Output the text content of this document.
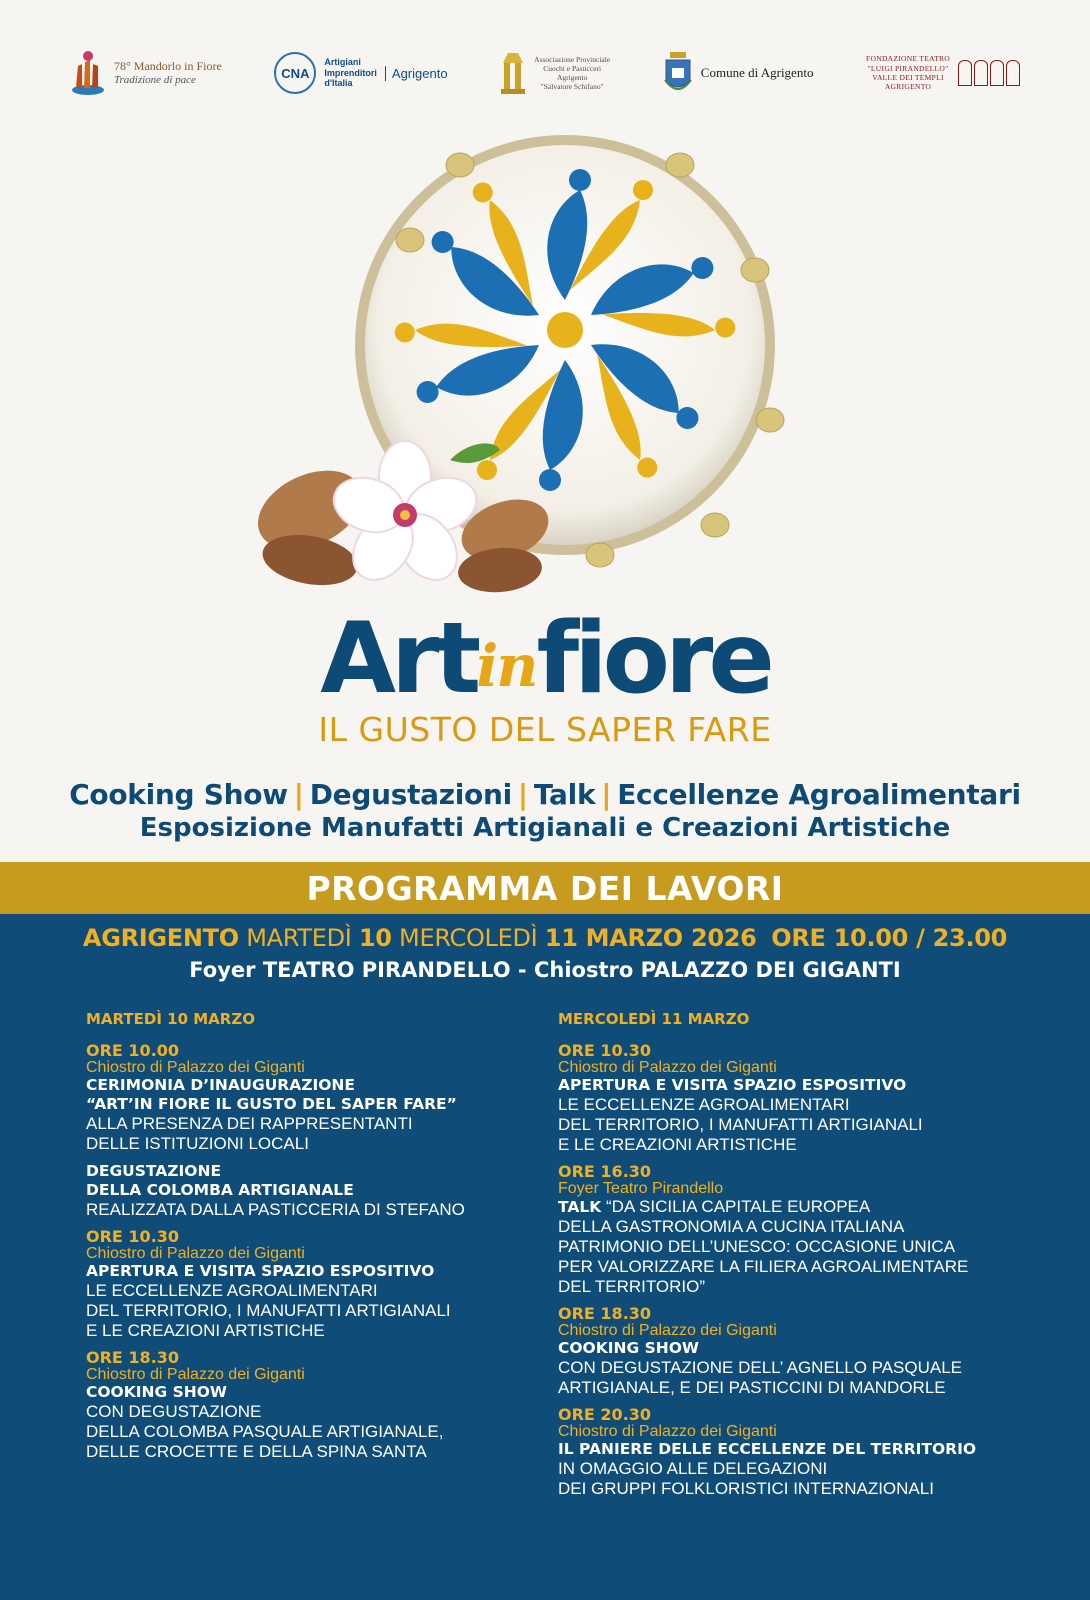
78° Mandorlo in Fiore
Tradizione di pace	CNA
Artigiani
Imprenditori
d'Italia
Agrigento
Associazione Provinciale
Cuochi e Pasticceri
Agrigento
"Salvatore Schifano"
Comune di Agrigento
FONDAZIONE TEATRO
"LUIGI PIRANDELLO"
VALLE DEI TEMPLI
AGRIGENTO
Artinfiore
IL GUSTO DEL SAPER FARE
Cooking Show | Degustazioni | Talk | Eccellenze Agroalimentari
Esposizione Manufatti Artigianali e Creazioni Artistiche
PROGRAMMA DEI LAVORI
AGRIGENTO MARTEDÌ 10 MERCOLEDÌ 11 MARZO 2026 ORE 10.00 / 23.00
Foyer TEATRO PIRANDELLO - Chiostro PALAZZO DEI GIGANTI
MARTEDÌ 10 MARZO
ORE 10.00
Chiostro di Palazzo dei Giganti
CERIMONIA D’INAUGURAZIONE
“ART’IN FIORE IL GUSTO DEL SAPER FARE”
ALLA PRESENZA DEI RAPPRESENTANTI
DELLE ISTITUZIONI LOCALI
DEGUSTAZIONE
DELLA COLOMBA ARTIGIANALE
REALIZZATA DALLA PASTICCERIA DI STEFANO
ORE 10.30
Chiostro di Palazzo dei Giganti
APERTURA E VISITA SPAZIO ESPOSITIVO
LE ECCELLENZE AGROALIMENTARI
DEL TERRITORIO, I MANUFATTI ARTIGIANALI
E LE CREAZIONI ARTISTICHE
ORE 18.30
Chiostro di Palazzo dei Giganti
COOKING SHOW
CON DEGUSTAZIONE
DELLA COLOMBA PASQUALE ARTIGIANALE,
DELLE CROCETTE E DELLA SPINA SANTA
MERCOLEDÌ 11 MARZO
ORE 10.30
Chiostro di Palazzo dei Giganti
APERTURA E VISITA SPAZIO ESPOSITIVO
LE ECCELLENZE AGROALIMENTARI
DEL TERRITORIO, I MANUFATTI ARTIGIANALI
E LE CREAZIONI ARTISTICHE
ORE 16.30
Foyer Teatro Pirandello
TALK “DA SICILIA CAPITALE EUROPEA
DELLA GASTRONOMIA A CUCINA ITALIANA
PATRIMONIO DELL’UNESCO: OCCASIONE UNICA
PER VALORIZZARE LA FILIERA AGROALIMENTARE
DEL TERRITORIO”
ORE 18.30
Chiostro di Palazzo dei Giganti
COOKING SHOW
CON DEGUSTAZIONE DELL’ AGNELLO PASQUALE
ARTIGIANALE, E DEI PASTICCINI DI MANDORLE
ORE 20.30
Chiostro di Palazzo dei Giganti
IL PANIERE DELLE ECCELLENZE DEL TERRITORIO
IN OMAGGIO ALLE DELEGAZIONI
DEI GRUPPI FOLKLORISTICI INTERNAZIONALI
